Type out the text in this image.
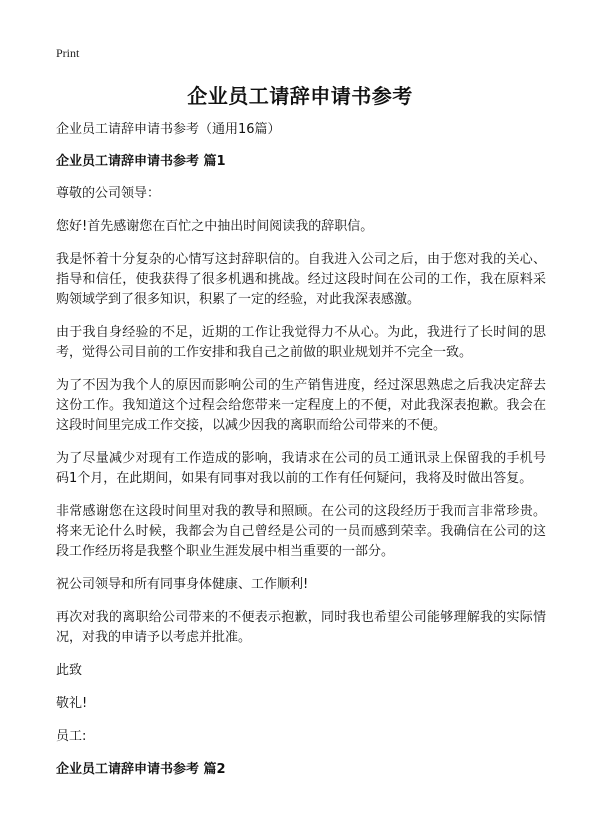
Print
企业员工请辞申请书参考

企业员工请辞申请书参考（通用16篇）

企业员工请辞申请书参考 篇1

尊敬的公司领导：

您好!首先感谢您在百忙之中抽出时间阅读我的辞职信。

我是怀着十分复杂的心情写这封辞职信的。自我进入公司之后，由于您对我的关心、指导和信任，使我获得了很多机遇和挑战。经过这段时间在公司的工作，我在原料采购领域学到了很多知识，积累了一定的经验，对此我深表感激。

由于我自身经验的不足，近期的工作让我觉得力不从心。为此，我进行了长时间的思考，觉得公司目前的工作安排和我自己之前做的职业规划并不完全一致。

为了不因为我个人的原因而影响公司的生产销售进度，经过深思熟虑之后我决定辞去这份工作。我知道这个过程会给您带来一定程度上的不便，对此我深表抱歉。我会在这段时间里完成工作交接，以减少因我的离职而给公司带来的不便。

为了尽量减少对现有工作造成的影响，我请求在公司的员工通讯录上保留我的手机号码1个月，在此期间，如果有同事对我以前的工作有任何疑问，我将及时做出答复。

非常感谢您在这段时间里对我的教导和照顾。在公司的这段经历于我而言非常珍贵。将来无论什么时候，我都会为自己曾经是公司的一员而感到荣幸。我确信在公司的这段工作经历将是我整个职业生涯发展中相当重要的一部分。

祝公司领导和所有同事身体健康、工作顺利!

再次对我的离职给公司带来的不便表示抱歉，同时我也希望公司能够理解我的实际情况，对我的申请予以考虑并批准。

此致

敬礼!

员工:

企业员工请辞申请书参考 篇2
